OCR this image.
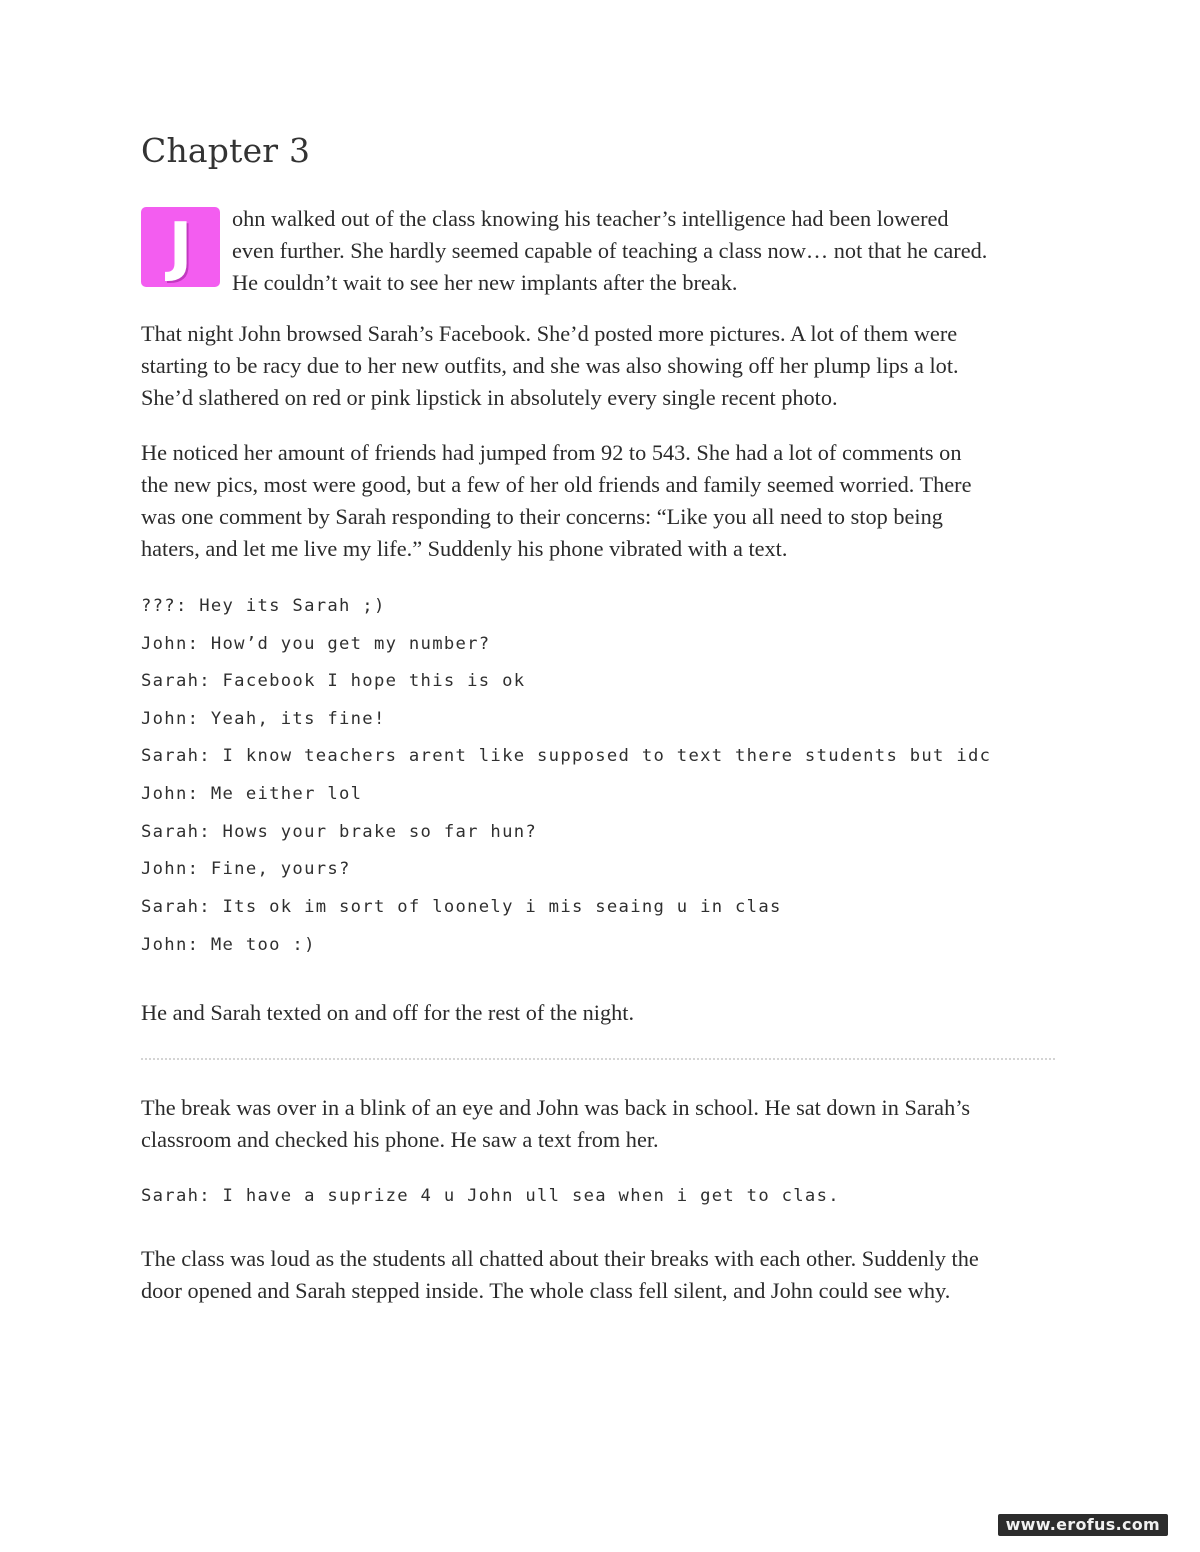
Chapter 3
J	ohn walked out of the class knowing his teacher’s intelligence had been lowered
even further. She hardly seemed capable of teaching a class now… not that he cared.
He couldn’t wait to see her new implants after the break.
That night John browsed Sarah’s Facebook. She’d posted more pictures. A lot of them were
starting to be racy due to her new outfits, and she was also showing off her plump lips a lot.
She’d slathered on red or pink lipstick in absolutely every single recent photo.
He noticed her amount of friends had jumped from 92 to 543. She had a lot of comments on
the new pics, most were good, but a few of her old friends and family seemed worried. There
was one comment by Sarah responding to their concerns: “Like you all need to stop being
haters, and let me live my life.” Suddenly his phone vibrated with a text.
???: Hey its Sarah ;)
John: How’d you get my number?
Sarah: Facebook I hope this is ok
John: Yeah, its fine!
Sarah: I know teachers arent like supposed to text there students but idc
John: Me either lol
Sarah: Hows your brake so far hun?
John: Fine, yours?
Sarah: Its ok im sort of loonely i mis seaing u in clas
John: Me too :)
He and Sarah texted on and off for the rest of the night.
The break was over in a blink of an eye and John was back in school. He sat down in Sarah’s
classroom and checked his phone. He saw a text from her.
Sarah: I have a suprize 4 u John ull sea when i get to clas.
The class was loud as the students all chatted about their breaks with each other. Suddenly the
door opened and Sarah stepped inside. The whole class fell silent, and John could see why.
www.erofus.com
